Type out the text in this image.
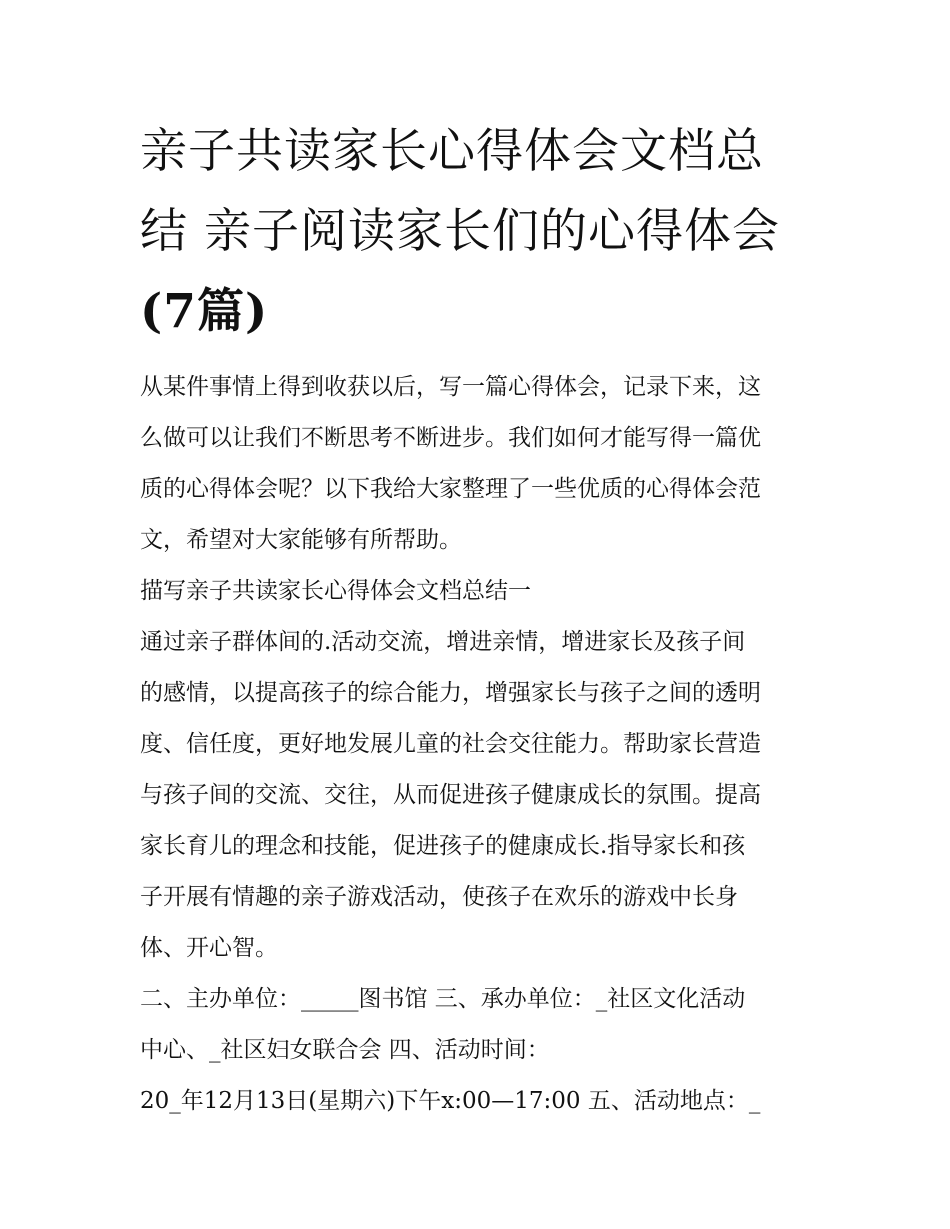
亲子共读家长心得体会文档总
结 亲子阅读家长们的心得体会
(7篇)

从某件事情上得到收获以后，写一篇心得体会，记录下来，这
么做可以让我们不断思考不断进步。我们如何才能写得一篇优
质的心得体会呢？以下我给大家整理了一些优质的心得体会范
文，希望对大家能够有所帮助。

描写亲子共读家长心得体会文档总结一

通过亲子群体间的.活动交流，增进亲情，增进家长及孩子间
的感情，以提高孩子的综合能力，增强家长与孩子之间的透明
度、信任度，更好地发展儿童的社会交往能力。帮助家长营造
与孩子间的交流、交往，从而促进孩子健康成长的氛围。提高
家长育儿的理念和技能，促进孩子的健康成长.指导家长和孩
子开展有情趣的亲子游戏活动，使孩子在欢乐的游戏中长身
体、开心智。

二、主办单位：_____图书馆 三、承办单位：_社区文化活动
中心、_社区妇女联合会 四、活动时间：
20_年12月13日(星期六)下午x:00—17:00 五、活动地点：_
